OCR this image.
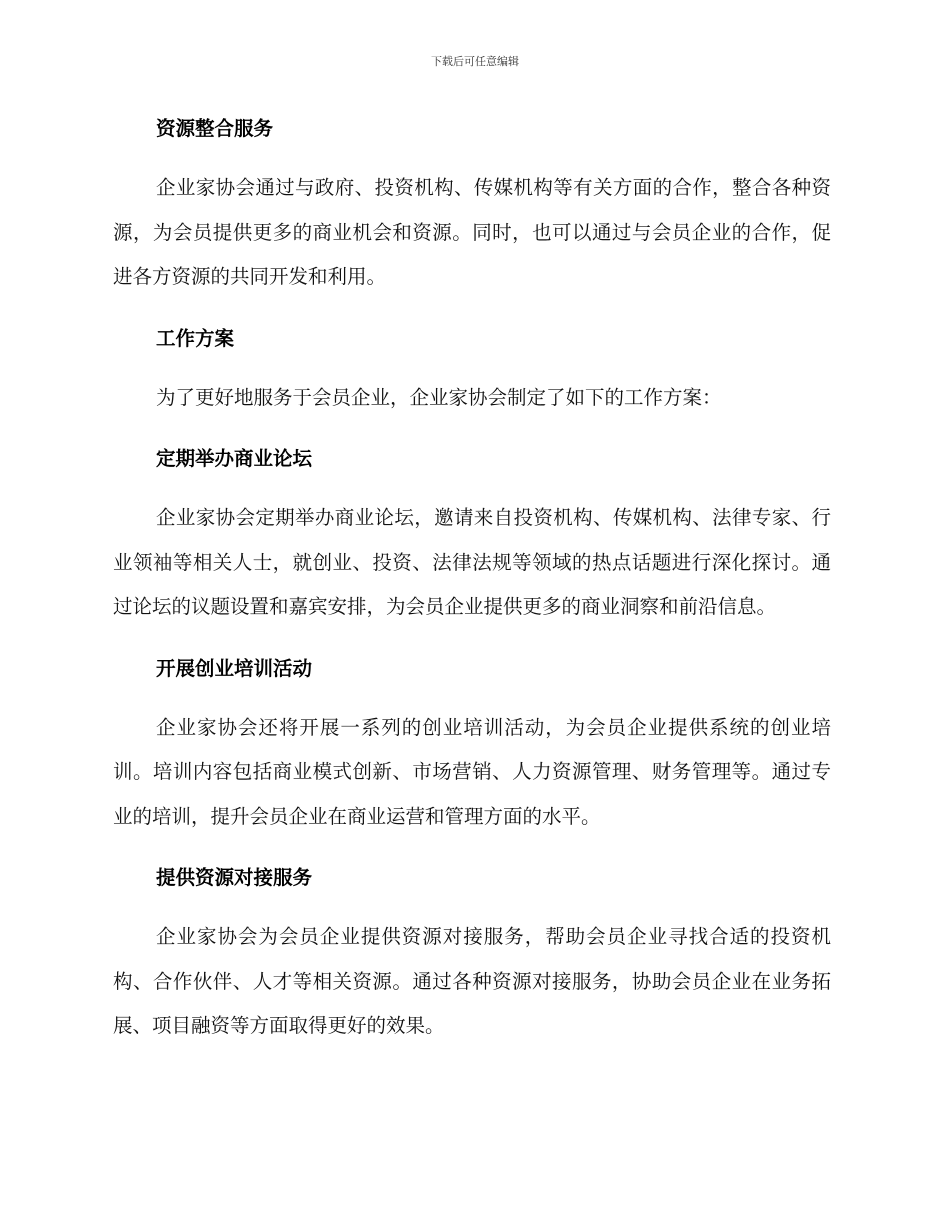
下载后可任意编辑
资源整合服务

企业家协会通过与政府、投资机构、传媒机构等有关方面的合作，整合各种资源，为会员提供更多的商业机会和资源。同时，也可以通过与会员企业的合作，促进各方资源的共同开发和利用。

工作方案

为了更好地服务于会员企业，企业家协会制定了如下的工作方案：

定期举办商业论坛

企业家协会定期举办商业论坛，邀请来自投资机构、传媒机构、法律专家、行业领袖等相关人士，就创业、投资、法律法规等领域的热点话题进行深化探讨。通过论坛的议题设置和嘉宾安排，为会员企业提供更多的商业洞察和前沿信息。

开展创业培训活动

企业家协会还将开展一系列的创业培训活动，为会员企业提供系统的创业培训。培训内容包括商业模式创新、市场营销、人力资源管理、财务管理等。通过专业的培训，提升会员企业在商业运营和管理方面的水平。

提供资源对接服务

企业家协会为会员企业提供资源对接服务，帮助会员企业寻找合适的投资机构、合作伙伴、人才等相关资源。通过各种资源对接服务，协助会员企业在业务拓展、项目融资等方面取得更好的效果。
